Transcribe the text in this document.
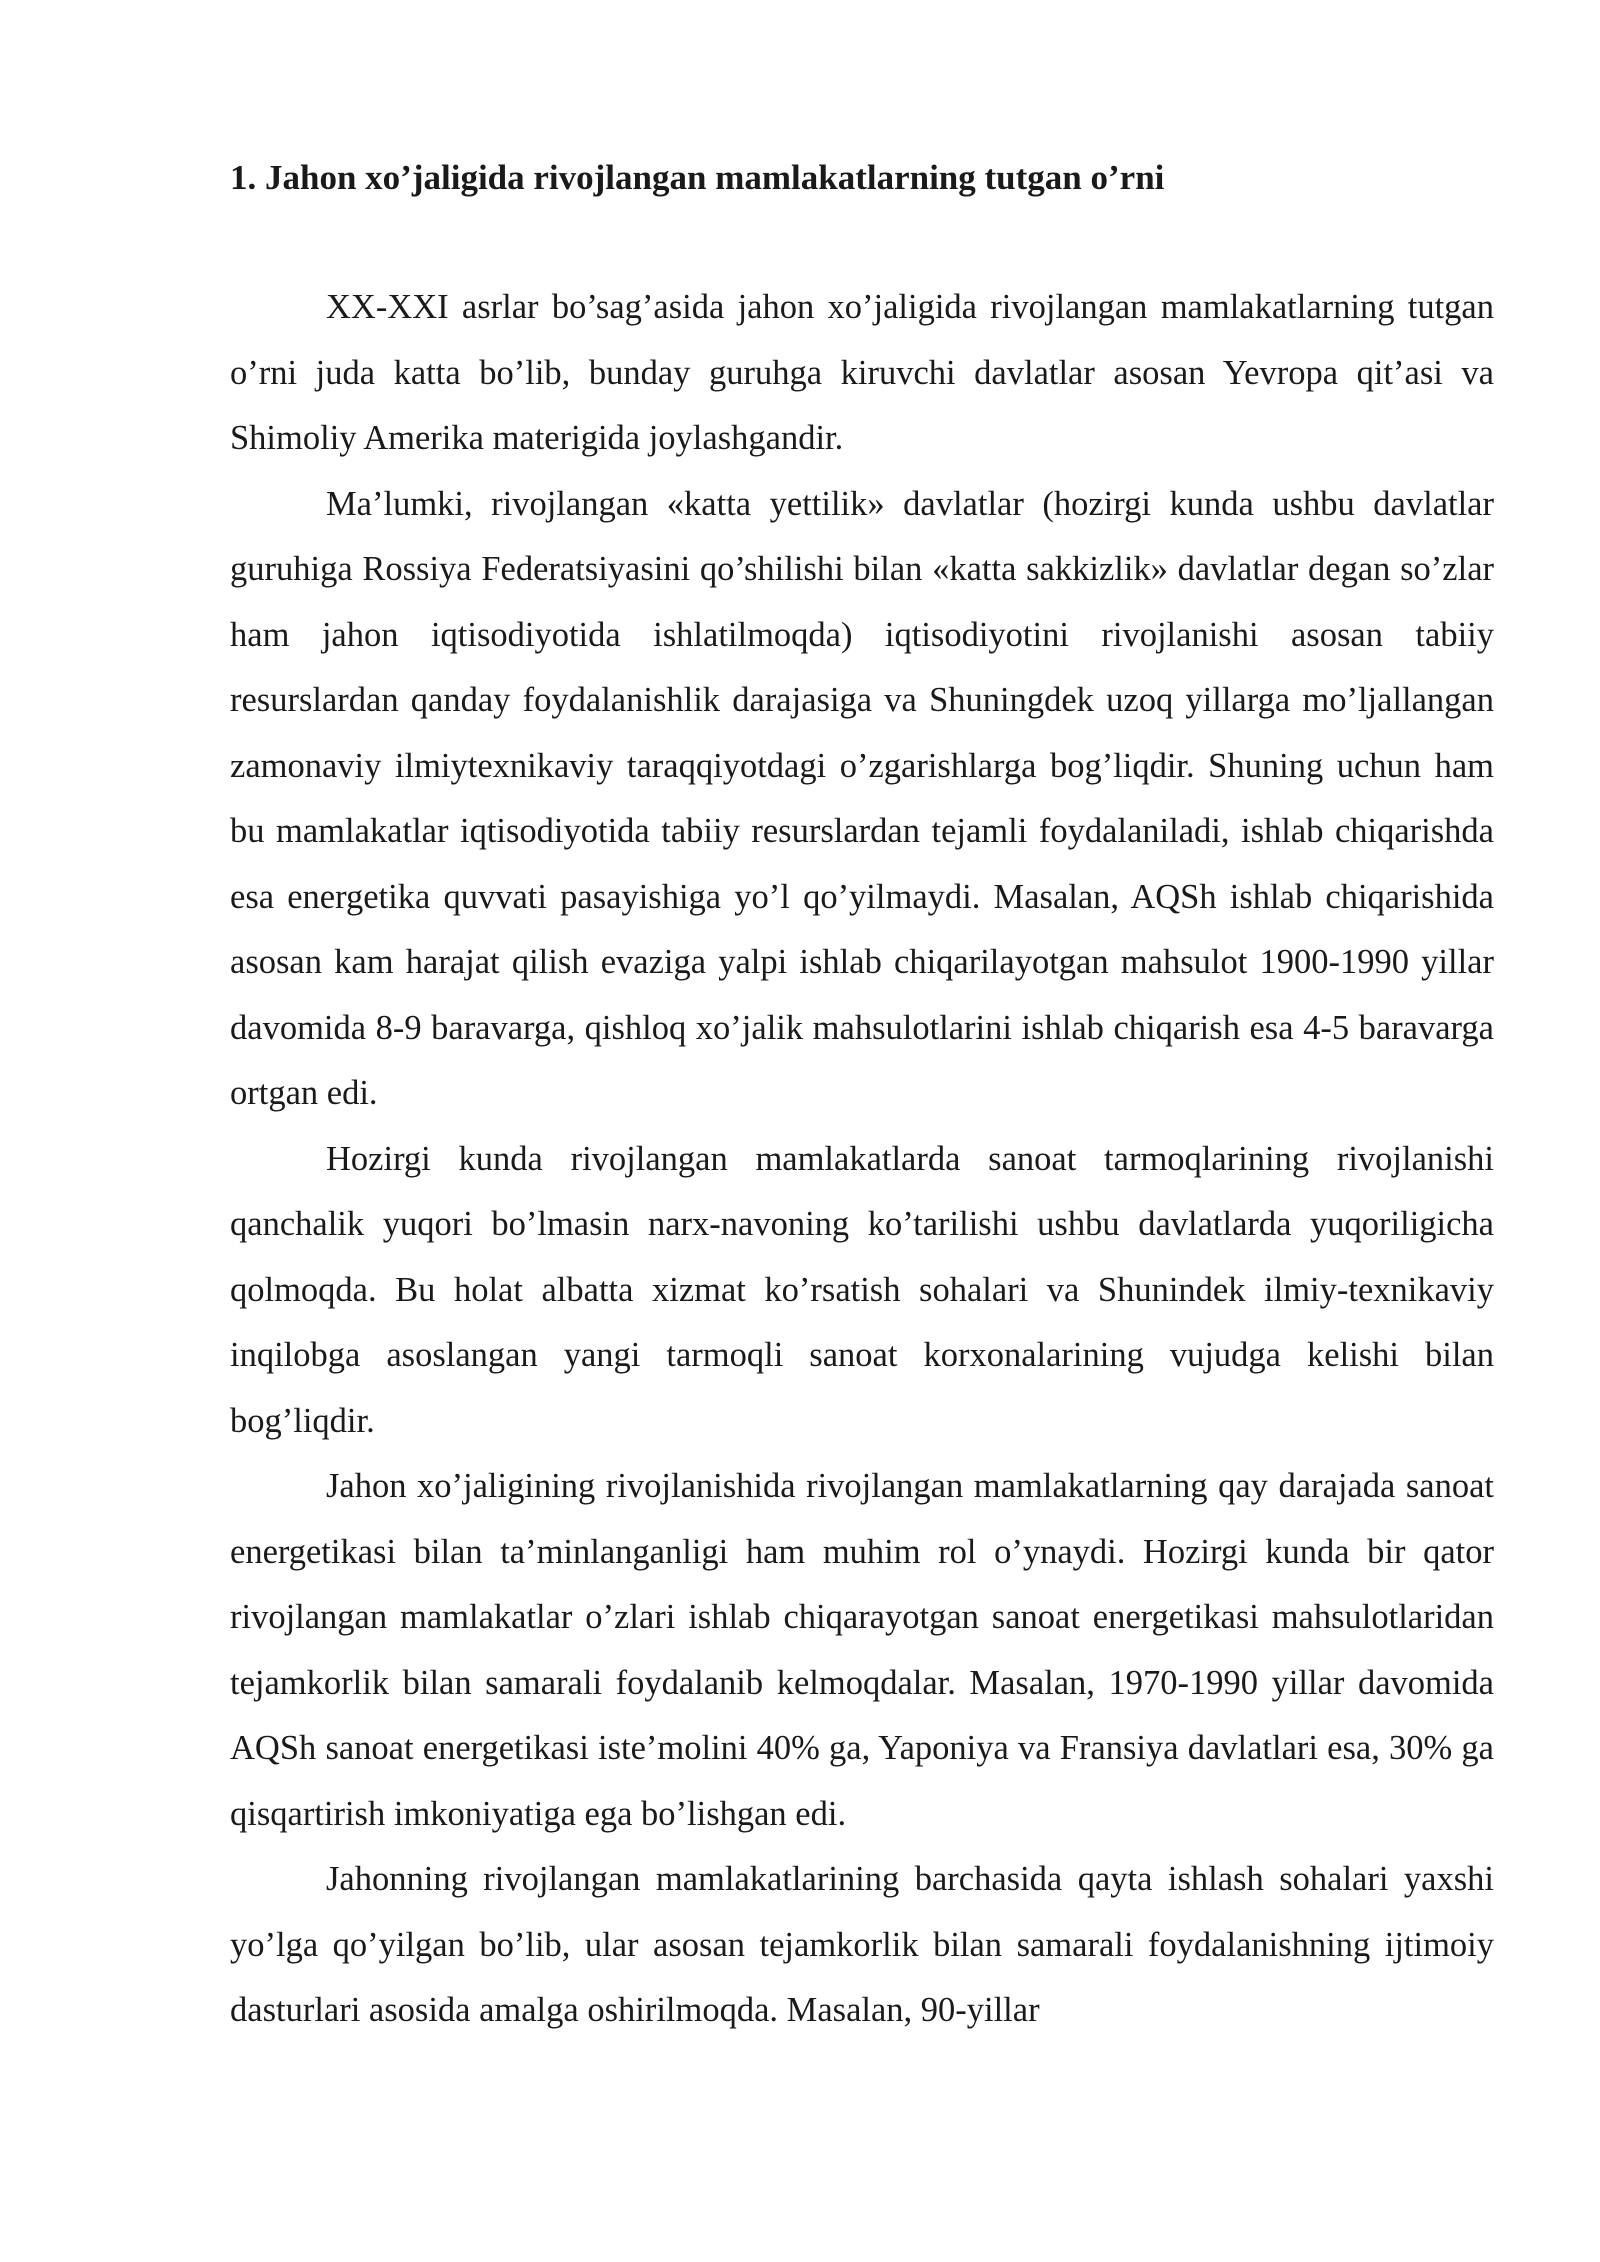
1. Jahon xo’jaligida rivojlangan mamlakatlarning tutgan o’rni

XX-XXI asrlar bo’sag’asida jahon xo’jaligida rivojlangan mamlakatlarning tutgan o’rni juda katta bo’lib, bunday guruhga kiruvchi davlatlar asosan Yevropa qit’asi va Shimoliy Amerika materigida joylashgandir.

Ma’lumki, rivojlangan «katta yettilik» davlatlar (hozirgi kunda ushbu davlatlar guruhiga Rossiya Federatsiyasini qo’shilishi bilan «katta sakkizlik» davlatlar degan so’zlar ham jahon iqtisodiyotida ishlatilmoqda) iqtisodiyotini rivojlanishi asosan tabiiy resurslardan qanday foydalanishlik darajasiga va Shuningdek uzoq yillarga mo’ljallangan zamonaviy ilmiytexnikaviy taraqqiyotdagi o’zgarishlarga bog’liqdir. Shuning uchun ham bu mamlakatlar iqtisodiyotida tabiiy resurslardan tejamli foydalaniladi, ishlab chiqarishda esa energetika quvvati pasayishiga yo’l qo’yilmaydi. Masalan, AQSh ishlab chiqarishida asosan kam harajat qilish evaziga yalpi ishlab chiqarilayotgan mahsulot 1900-1990 yillar davomida 8-9 baravarga, qishloq xo’jalik mahsulotlarini ishlab chiqarish esa 4-5 baravarga ortgan edi.

Hozirgi kunda rivojlangan mamlakatlarda sanoat tarmoqlarining rivojlanishi qanchalik yuqori bo’lmasin narx-navoning ko’tarilishi ushbu davlatlarda yuqoriligicha qolmoqda. Bu holat albatta xizmat ko’rsatish sohalari va Shunindek ilmiy-texnikaviy inqilobga asoslangan yangi tarmoqli sanoat korxonalarining vujudga kelishi bilan bog’liqdir.

Jahon xo’jaligining rivojlanishida rivojlangan mamlakatlarning qay darajada sanoat energetikasi bilan ta’minlanganligi ham muhim rol o’ynaydi. Hozirgi kunda bir qator rivojlangan mamlakatlar o’zlari ishlab chiqarayotgan sanoat energetikasi mahsulotlaridan tejamkorlik bilan samarali foydalanib kelmoqdalar. Masalan, 1970-1990 yillar davomida AQSh sanoat energetikasi iste’molini 40% ga, Yaponiya va Fransiya davlatlari esa, 30% ga qisqartirish imkoniyatiga ega bo’lishgan edi.

Jahonning rivojlangan mamlakatlarining barchasida qayta ishlash sohalari yaxshi yo’lga qo’yilgan bo’lib, ular asosan tejamkorlik bilan samarali foydalanishning ijtimoiy dasturlari asosida amalga oshirilmoqda. Masalan, 90-yillar
